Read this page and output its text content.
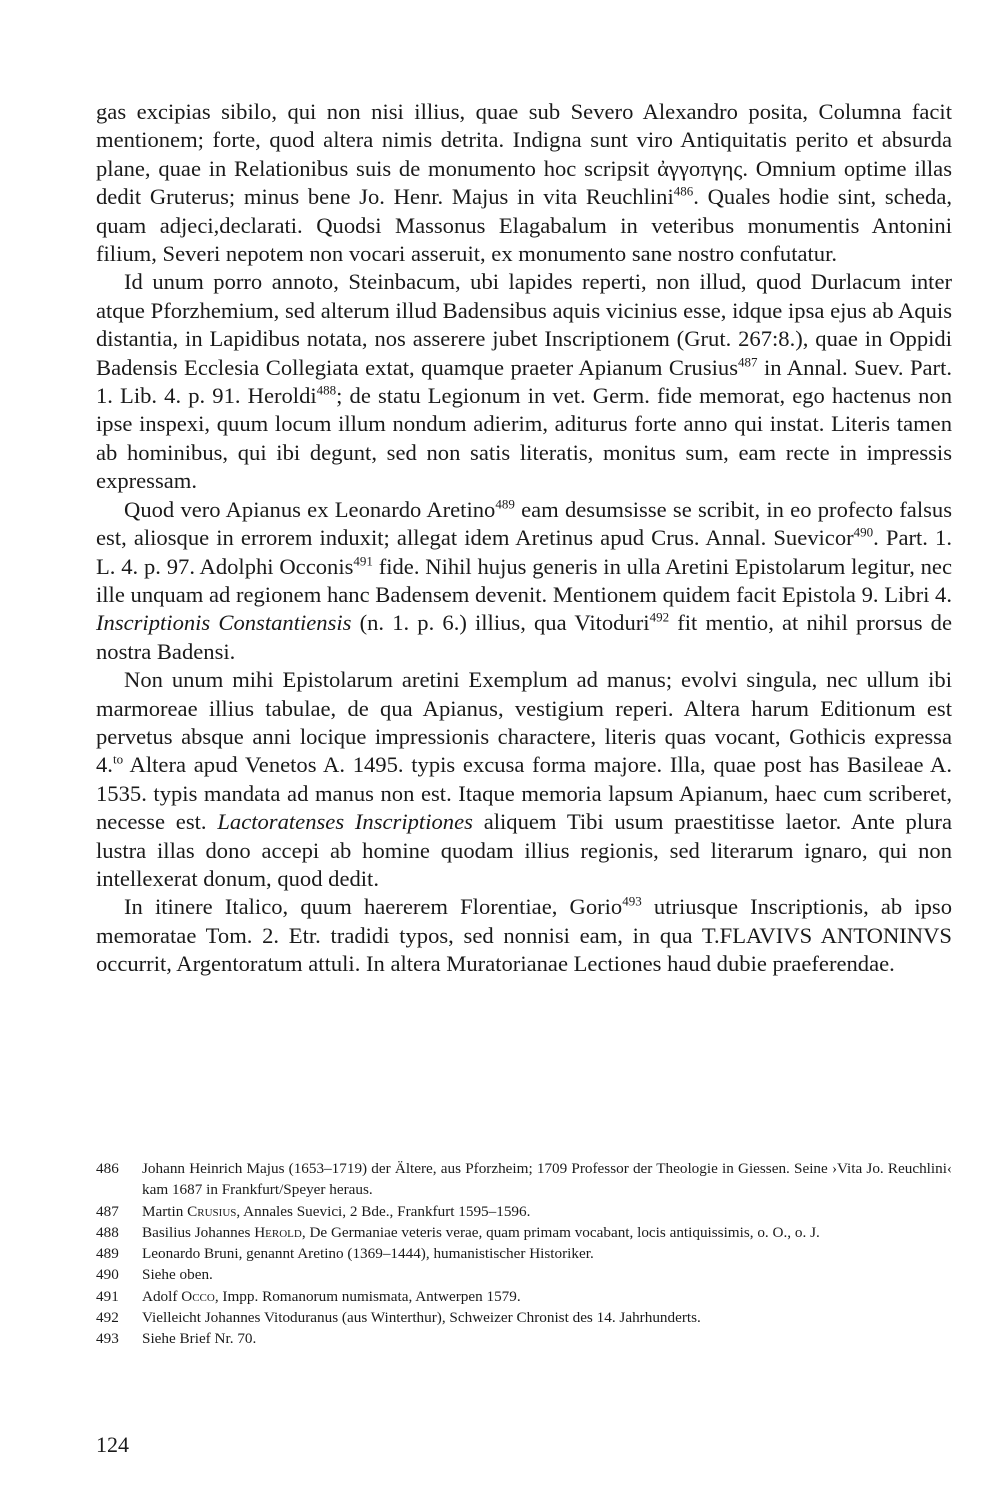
gas excipias sibilo, qui non nisi illius, quae sub Severo Alexandro posita, Columna facit mentionem; forte, quod altera nimis detrita. Indigna sunt viro Antiquitatis perito et absurda plane, quae in Relationibus suis de monumento hoc scripsit ἀγγοπγης. Omnium optime illas dedit Gruterus; minus bene Jo. Henr. Majus in vita Reuchlini$^{486}$. Quales hodie sint, scheda, quam adjeci,declarati. Quodsi Massonus Elagabalum in veteribus monumentis Antonini filium, Severi nepotem non vocari asseruit, ex monumento sane nostro confutatur.

Id unum porro annoto, Steinbacum, ubi lapides reperti, non illud, quod Durlacum inter atque Pforzhemium, sed alterum illud Badensibus aquis vicinius esse, idque ipsa ejus ab Aquis distantia, in Lapidibus notata, nos asserere jubet Inscriptionem (Grut. 267:8.), quae in Oppidi Badensis Ecclesia Collegiata extat, quamque praeter Apianum Crusius$^{487}$ in Annal. Suev. Part. 1. Lib. 4. p. 91. Heroldi$^{488}$; de statu Legionum in vet. Germ. fide memorat, ego hactenus non ipse inspexi, quum locum illum nondum adierim, aditurus forte anno qui instat. Literis tamen ab hominibus, qui ibi degunt, sed non satis literatis, monitus sum, eam recte in impressis expressam.

Quod vero Apianus ex Leonardo Aretino$^{489}$ eam desumsisse se scribit, in eo profecto falsus est, aliosque in errorem induxit; allegat idem Aretinus apud Crus. Annal. Suevicor$^{490}$. Part. 1. L. 4. p. 97. Adolphi Occonis$^{491}$ fide. Nihil hujus generis in ulla Aretini Epistolarum legitur, nec ille unquam ad regionem hanc Badensem devenit. Mentionem quidem facit Epistola 9. Libri 4. Inscriptionis Constantiensis (n. 1. p. 6.) illius, qua Vitoduri$^{492}$ fit mentio, at nihil prorsus de nostra Badensi.

Non unum mihi Epistolarum aretini Exemplum ad manus; evolvi singula, nec ullum ibi marmoreae illius tabulae, de qua Apianus, vestigium reperi. Altera harum Editionum est pervetus absque anni locique impressionis charactere, literis quas vocant, Gothicis expressa 4.$^{to}$ Altera apud Venetos A. 1495. typis excusa forma majore. Illa, quae post has Basileae A. 1535. typis mandata ad manus non est. Itaque memoria lapsum Apianum, haec cum scriberet, necesse est. Lactoratenses Inscriptiones aliquem Tibi usum praestitisse laetor. Ante plura lustra illas dono accepi ab homine quodam illius regionis, sed literarum ignaro, qui non intellexerat donum, quod dedit.

In itinere Italico, quum haererem Florentiae, Gorio$^{493}$ utriusque Inscriptionis, ab ipso memoratae Tom. 2. Etr. tradidi typos, sed nonnisi eam, in qua T.FLAVIVS ANTONINVS occurrit, Argentoratum attuli. In altera Muratorianae Lectiones haud dubie praeferendae.

486	Johann Heinrich Majus (1653–1719) der Ältere, aus Pforzheim; 1709 Professor der Theologie in Giessen. Seine ›Vita Jo. Reuchlini‹ kam 1687 in Frankfurt/Speyer heraus.
487	Martin Crusius, Annales Suevici, 2 Bde., Frankfurt 1595–1596.
488	Basilius Johannes Herold, De Germaniae veteris verae, quam primam vocabant, locis antiquissimis, o. O., o. J.
489	Leonardo Bruni, genannt Aretino (1369–1444), humanistischer Historiker.
490	Siehe oben.
491	Adolf Occo, Impp. Romanorum numismata, Antwerpen 1579.
492	Vielleicht Johannes Vitoduranus (aus Winterthur), Schweizer Chronist des 14. Jahrhunderts.
493	Siehe Brief Nr. 70.
124
